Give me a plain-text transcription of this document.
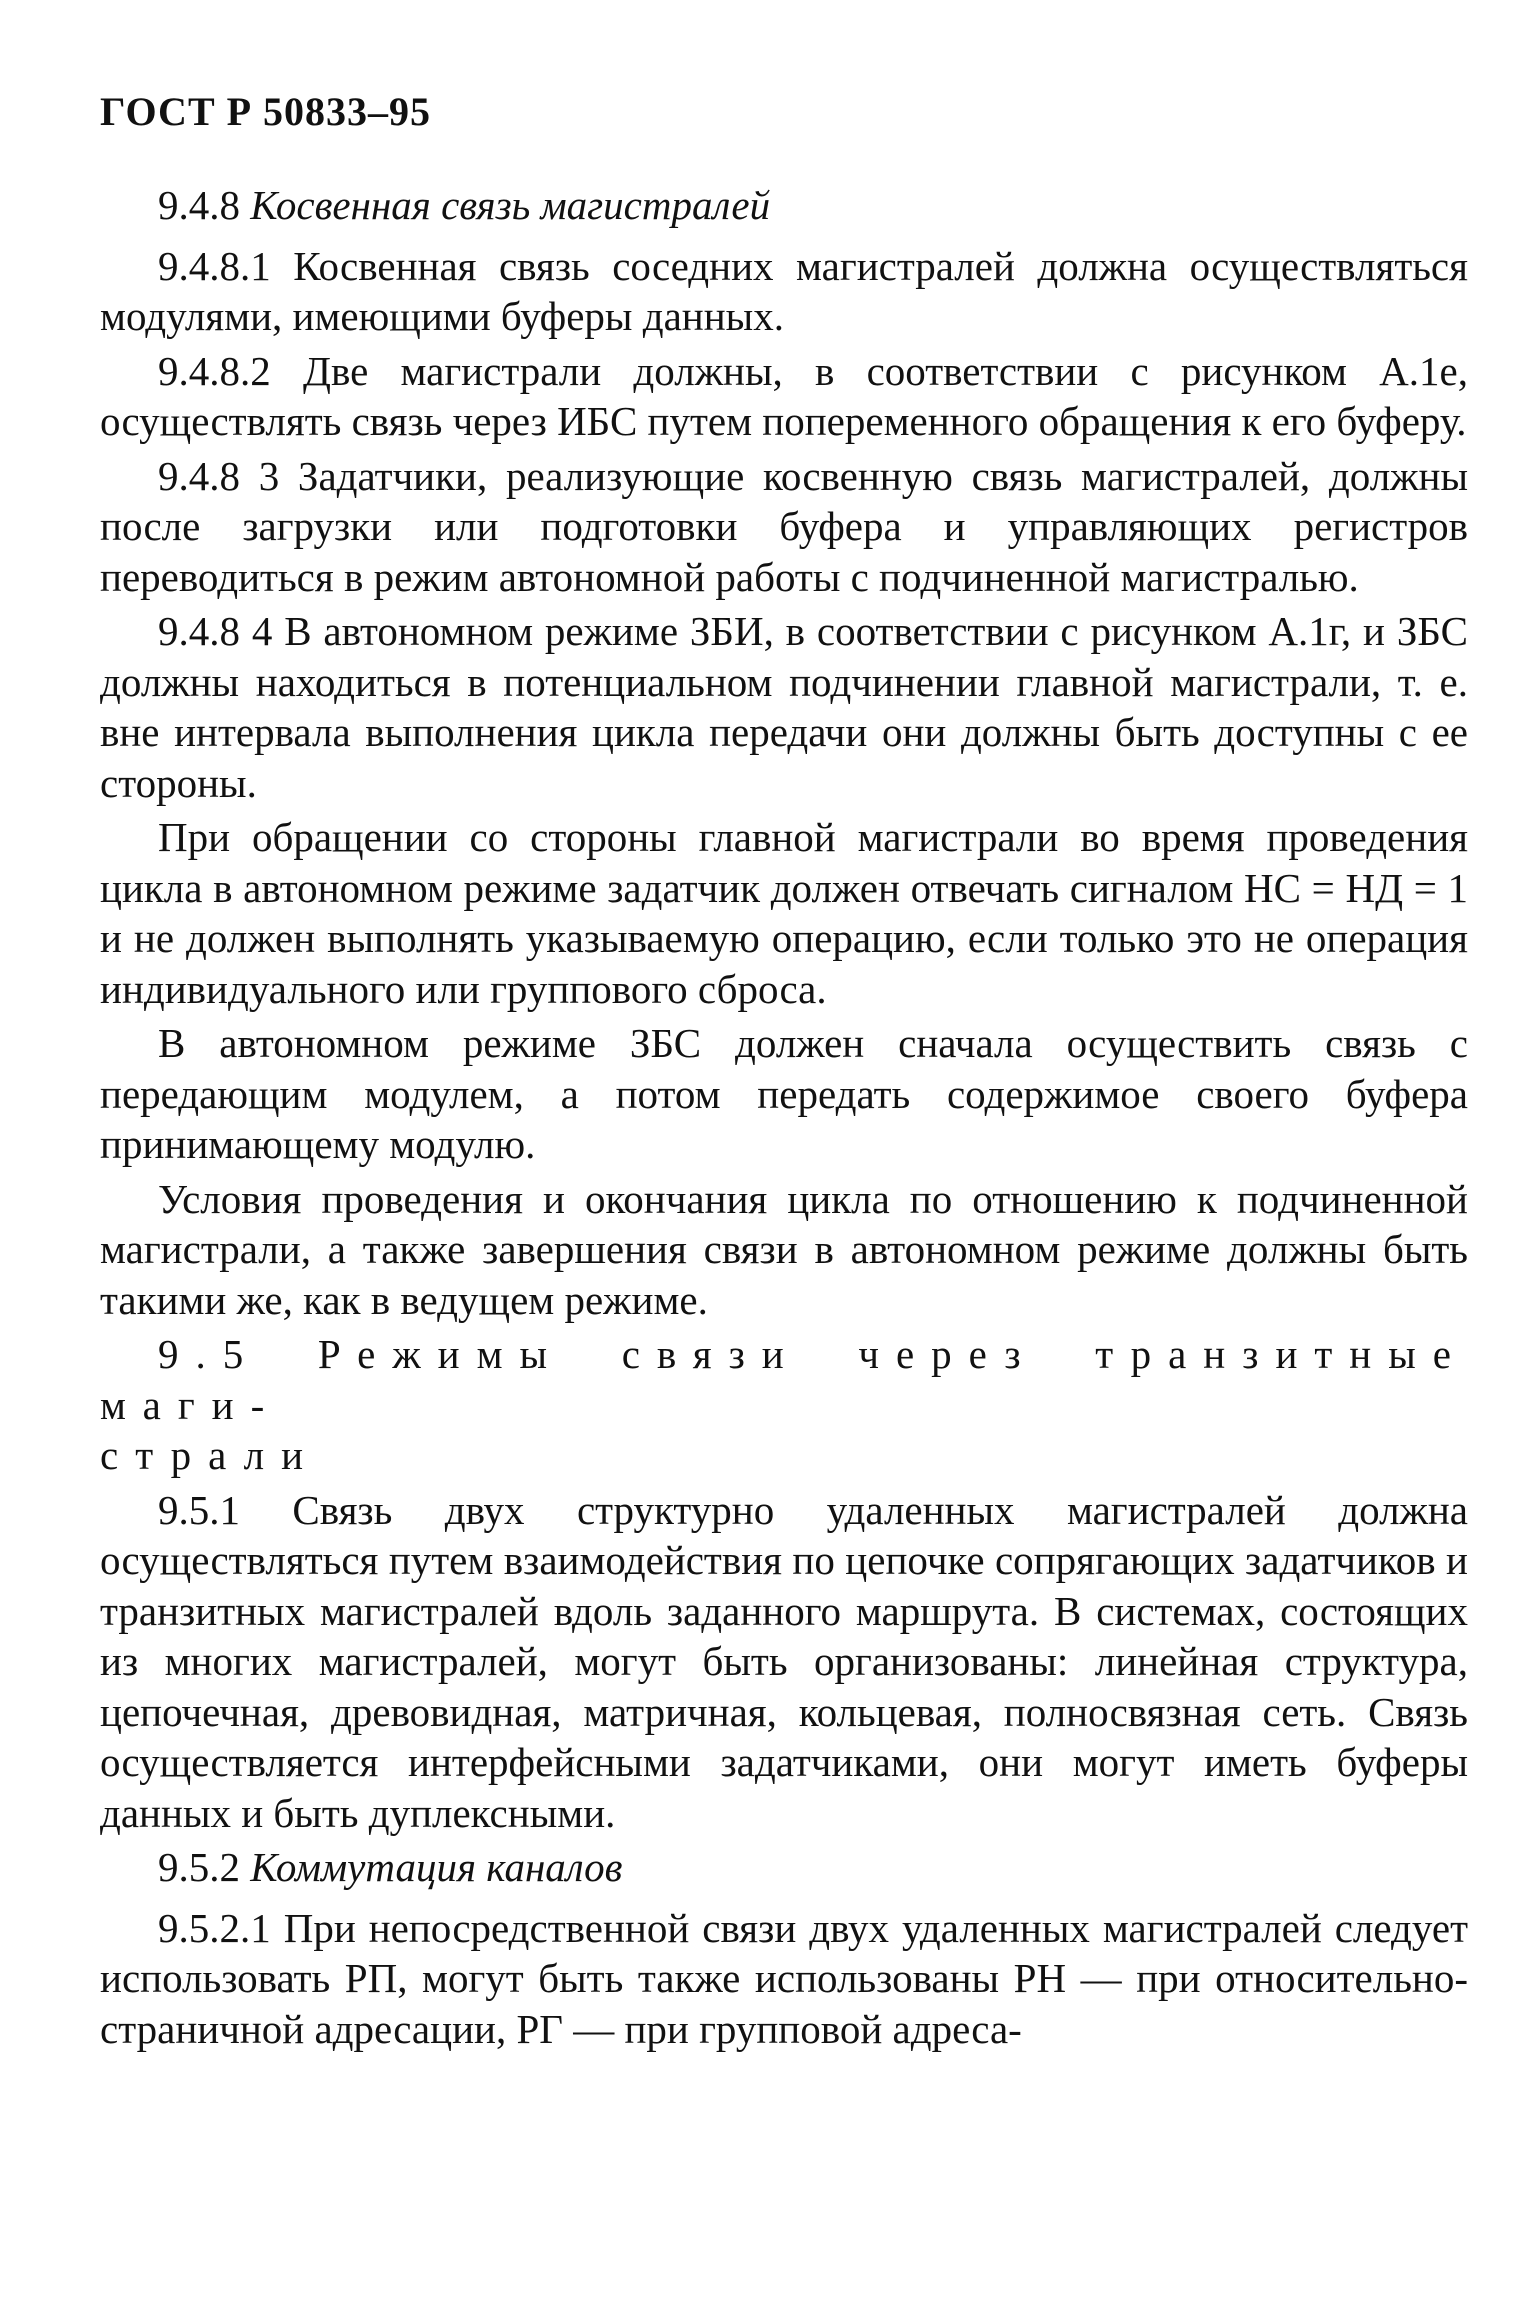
ГОСТ Р 50833–95

9.4.8 Косвенная связь магистралей

9.4.8.1 Косвенная связь соседних магистралей должна осуществляться модулями, имеющими буферы данных.

9.4.8.2 Две магистрали должны, в соответствии с рисунком А.1е, осуществлять связь через ИБС путем попеременного обращения к его буферу.

9.4.8 3 Задатчики, реализующие косвенную связь магистралей, должны после загрузки или подготовки буфера и управляющих регистров переводиться в режим автономной работы с подчиненной магистралью.

9.4.8 4 В автономном режиме ЗБИ, в соответствии с рисунком А.1г, и ЗБС должны находиться в потенциальном подчинении главной магистрали, т. е. вне интервала выполнения цикла передачи они должны быть доступны с ее стороны.

При обращении со стороны главной магистрали во время проведения цикла в автономном режиме задатчик должен отвечать сигналом НС = НД = 1 и не должен выполнять указываемую операцию, если только это не операция индивидуального или группового сброса.

В автономном режиме ЗБС должен сначала осуществить связь с передающим модулем, а потом передать содержимое своего буфера принимающему модулю.

Условия проведения и окончания цикла по отношению к подчиненной магистрали, а также завершения связи в автономном режиме должны быть такими же, как в ведущем режиме.

9.5 Режимы связи через транзитные маги-

страли

9.5.1 Связь двух структурно удаленных магистралей должна осуществляться путем взаимодействия по цепочке сопрягающих задатчиков и транзитных магистралей вдоль заданного маршрута. В системах, состоящих из многих магистралей, могут быть организованы: линейная структура, цепочечная, древовидная, матричная, кольцевая, полносвязная сеть. Связь осуществляется интерфейсными задатчиками, они могут иметь буферы данных и быть дуплексными.

9.5.2 Коммутация каналов

9.5.2.1 При непосредственной связи двух удаленных магистралей следует использовать РП, могут быть также использованы РН — при относительно-страничной адресации, РГ — при групповой адреса-
